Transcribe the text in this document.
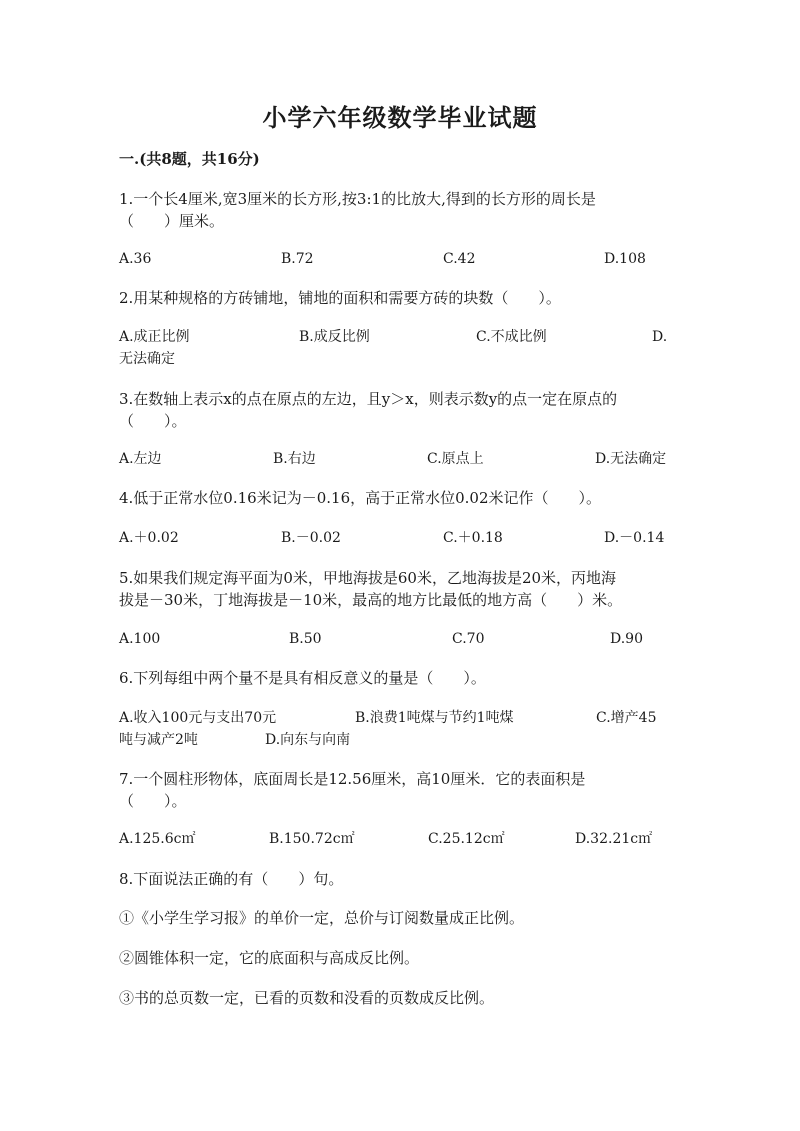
小学六年级数学毕业试题
一.(共8题，共16分)
1.一个长4厘米,宽3厘米的长方形,按3:1的比放大,得到的长方形的周长是
（　　）厘米。
A.36	B.72	C.42	D.108
2.用某种规格的方砖铺地，铺地的面积和需要方砖的块数（　　）。
A.成正比例	B.成反比例	C.不成比例	D.
无法确定
3.在数轴上表示x的点在原点的左边，且y＞x，则表示数y的点一定在原点的
（　　）。
A.左边	B.右边	C.原点上	D.无法确定
4.低于正常水位0.16米记为－0.16，高于正常水位0.02米记作（　　）。
A.＋0.02	B.－0.02	C.＋0.18	D.－0.14
5.如果我们规定海平面为0米，甲地海拔是60米，乙地海拔是20米，丙地海
拔是－30米，丁地海拔是－10米，最高的地方比最低的地方高（　　）米。
A.100	B.50	C.70	D.90
6.下列每组中两个量不是具有相反意义的量是（　　）。
A.收入100元与支出70元	B.浪费1吨煤与节约1吨煤	C.增产45
吨与减产2吨	D.向东与向南
7.一个圆柱形物体，底面周长是12.56厘米，高10厘米．它的表面积是
（　　）。
A.125.6c㎡	B.150.72c㎡	C.25.12c㎡	D.32.21c㎡
8.下面说法正确的有（　　）句。
①《小学生学习报》的单价一定，总价与订阅数量成正比例。
②圆锥体积一定，它的底面积与高成反比例。
③书的总页数一定，已看的页数和没看的页数成反比例。
